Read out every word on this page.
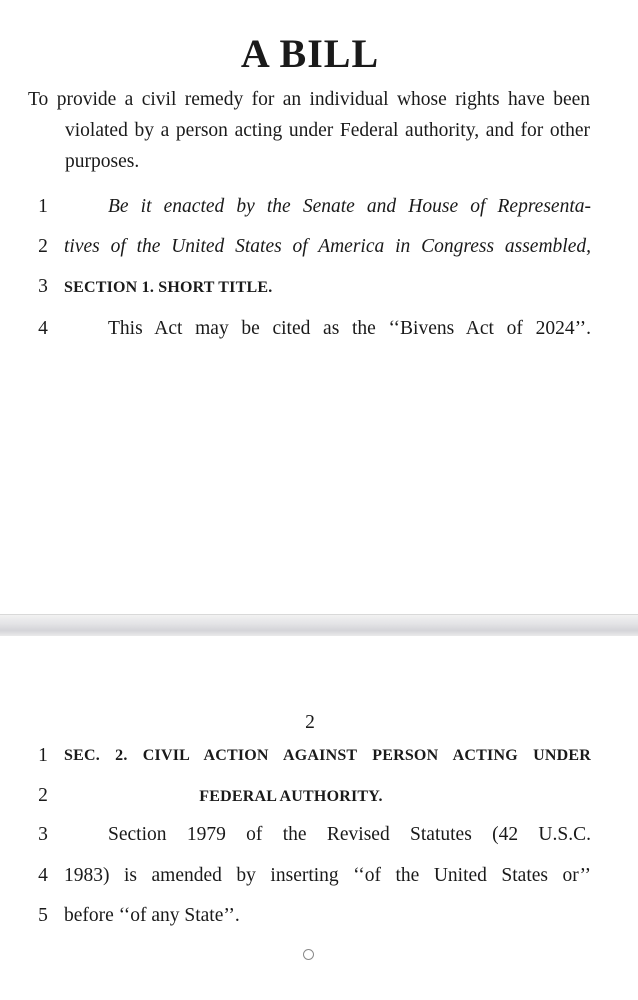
A BILL
To provide a civil remedy for an individual whose rights have been violated by a person acting under Federal authority, and for other purposes.
1	Be it enacted by the Senate and House of Representa-
2 tives of the United States of America in Congress assembled,
3	SECTION 1. SHORT TITLE.
4	This Act may be cited as the ‘‘Bivens Act of 2024’’.
2
1	SEC. 2. CIVIL ACTION AGAINST PERSON ACTING UNDER
2	FEDERAL AUTHORITY.
3	Section 1979 of the Revised Statutes (42 U.S.C.
4 1983) is amended by inserting ‘‘of the United States or’’
5 before ‘‘of any State’’.
